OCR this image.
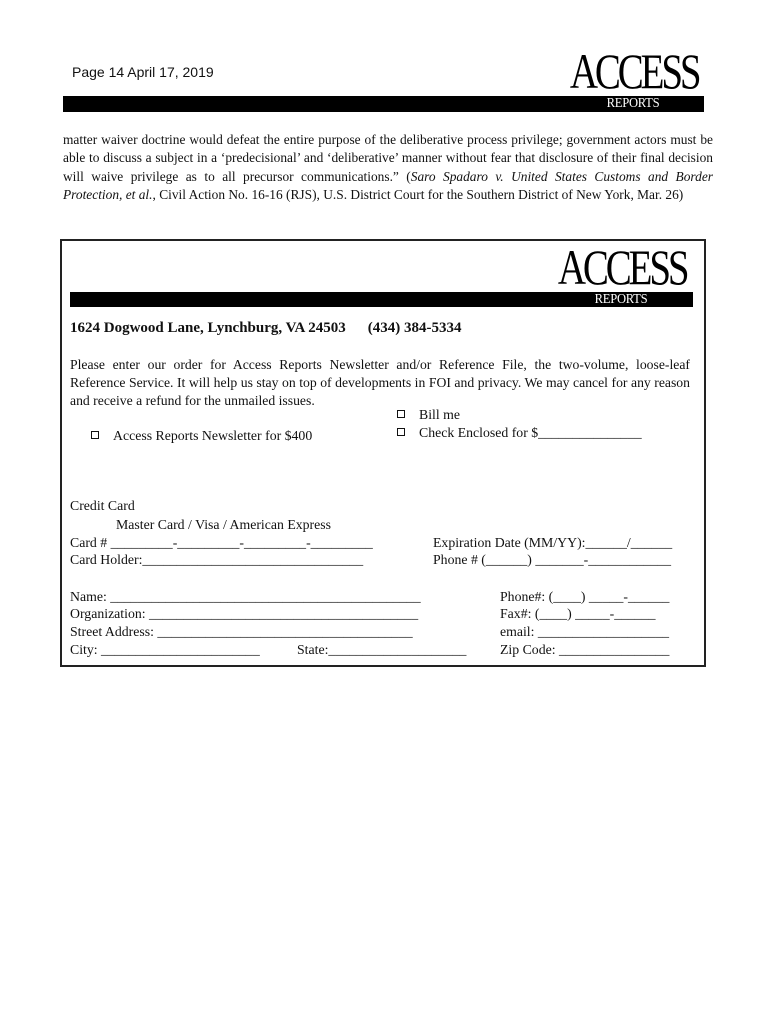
Page 14 April 17, 2019	ACCESS
REPORTS
matter waiver doctrine would defeat the entire purpose of the deliberative process privilege; government actors must be able to discuss a subject in a ‘predecisional’ and ‘deliberative’ manner without fear that disclosure of their final decision will waive privilege as to all precursor communications.” (Saro Spadaro v. United States Customs and Border Protection, et al., Civil Action No. 16-16 (RJS), U.S. District Court for the Southern District of New York, Mar. 26)
ACCESS
REPORTS
1624 Dogwood Lane, Lynchburg, VA 24503 (434) 384-5334
Please enter our order for Access Reports Newsletter and/or Reference File, the two-volume, loose-leaf Reference Service. It will help us stay on top of developments in FOI and privacy. We may cancel for any reason and receive a refund for the unmailed issues.
Bill me
Check Enclosed for $_______________
Access Reports Newsletter for $400
Credit Card
Master Card / Visa / American Express
Card # _________-_________-_________-_________
Card Holder:________________________________
Expiration Date (MM/YY):______/______
Phone # (______) _______-____________
Name: _____________________________________________
Organization: _______________________________________
Street Address: _____________________________________
City: _______________________	State:____________________
Phone#: (____) _____-______
Fax#: (____) _____-______
email: ___________________
Zip Code: ________________
